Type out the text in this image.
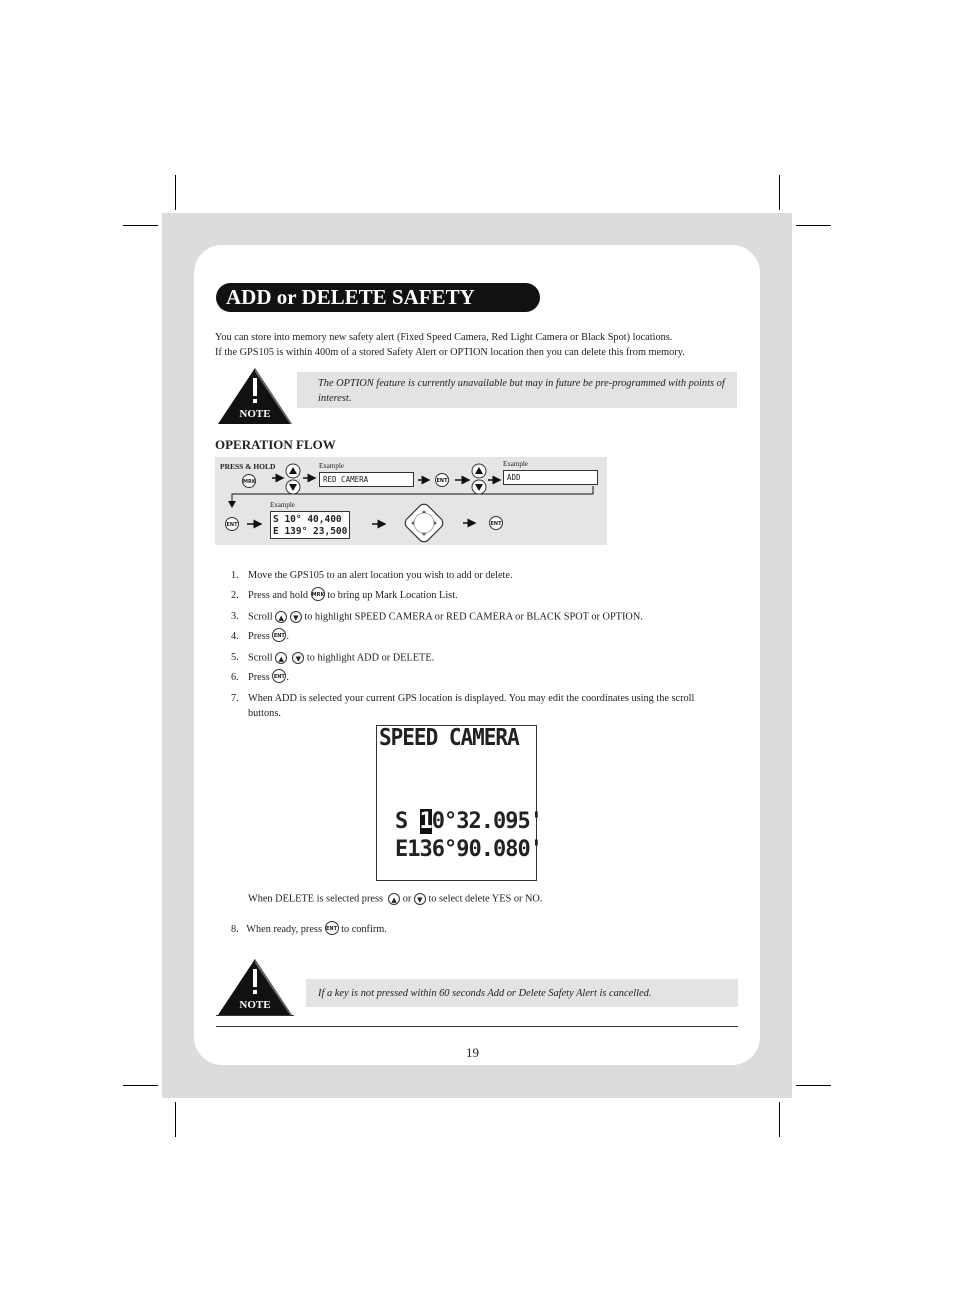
ADD or DELETE SAFETY ALERT
You can store into memory new safety alert (Fixed Speed Camera, Red Light Camera or Black Spot) locations.
If the GPS105 is within 400m of a stored Safety Alert or OPTION location then you can delete this from memory.
NOTE
The OPTION feature is currently unavailable but may in future be pre-programmed with points of interest.
OPERATION FLOW
PRESS & HOLD
MRK
Example
RED CAMERA	ENT
Example
ADD
ENT
Example
S 10° 40,400
E 139° 23,500
ENT
1. Move the GPS105 to an alert location you wish to add or delete.
2. Press and hold MRK to bring up Mark Location List.
3. Scroll ▲ ▼ to highlight SPEED CAMERA or RED CAMERA or BLACK SPOT or OPTION.
4. Press ENT .
5. Scroll ▲ ▼ to highlight ADD or DELETE.
6. Press ENT .
7. When ADD is selected your current GPS location is displayed. You may edit the coordinates using the scroll
buttons.
SPEED CAMERA
S 10°32.095'
E136°90.080'
When DELETE is selected press ▲ or ▼ to select delete YES or NO.
8. When ready, press ENT to confirm.
NOTE
If a key is not pressed within 60 seconds Add or Delete Safety Alert is cancelled.
19
